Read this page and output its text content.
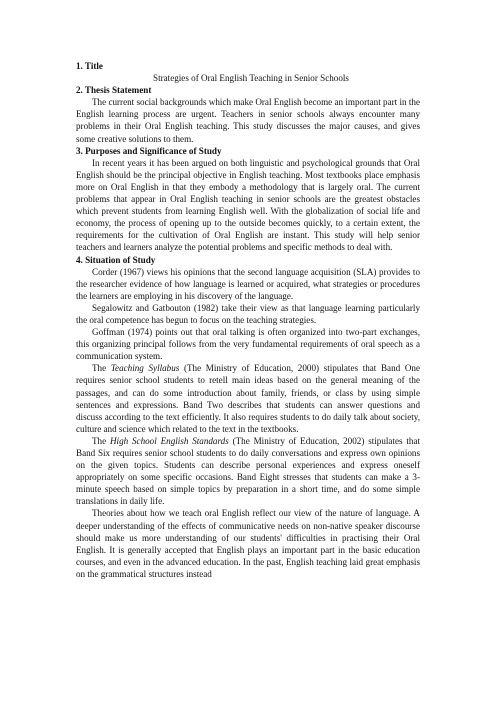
1. Title
Strategies of Oral English Teaching in Senior Schools
2. Thesis Statement

The current social backgrounds which make Oral English become an important part in the English learning process are urgent. Teachers in senior schools always encounter many problems in their Oral English teaching. This study discusses the major causes, and gives some creative solutions to them.

3. Purposes and Significance of Study

In recent years it has been argued on both linguistic and psychological grounds that Oral English should be the principal objective in English teaching. Most textbooks place emphasis more on Oral English in that they embody a methodology that is largely oral. The current problems that appear in Oral English teaching in senior schools are the greatest obstacles which prevent students from learning English well. With the globalization of social life and economy, the process of opening up to the outside becomes quickly, to a certain extent, the requirements for the cultivation of Oral English are instant. This study will help senior teachers and learners analyze the potential problems and specific methods to deal with.

4. Situation of Study

Corder (1967) views his opinions that the second language acquisition (SLA) provides to the researcher evidence of how language is learned or acquired, what strategies or procedures the learners are employing in his discovery of the language.

Segalowitz and Gatbouton (1982) take their view as that language learning particularly the oral competence has begun to focus on the teaching strategies.

Goffman (1974) points out that oral talking is often organized into two-part exchanges, this organizing principal follows from the very fundamental requirements of oral speech as a communication system.

The Teaching Syllabus (The Ministry of Education, 2000) stipulates that Band One requires senior school students to retell main ideas based on the general meaning of the passages, and can do some introduction about family, friends, or class by using simple sentences and expressions. Band Two describes that students can answer questions and discuss according to the text efficiently. It also requires students to do daily talk about society, culture and science which related to the text in the textbooks.

The High School English Standards (The Ministry of Education, 2002) stipulates that Band Six requires senior school students to do daily conversations and express own opinions on the given topics. Students can describe personal experiences and express oneself appropriately on some specific occasions. Band Eight stresses that students can make a 3-minute speech based on simple topics by preparation in a short time, and do some simple translations in daily life.

Theories about how we teach oral English reflect our view of the nature of language. A deeper understanding of the effects of communicative needs on non-native speaker discourse should make us more understanding of our students' difficulties in practising their Oral English. It is generally accepted that English plays an important part in the basic education courses, and even in the advanced education. In the past, English teaching laid great emphasis on the grammatical structures instead
